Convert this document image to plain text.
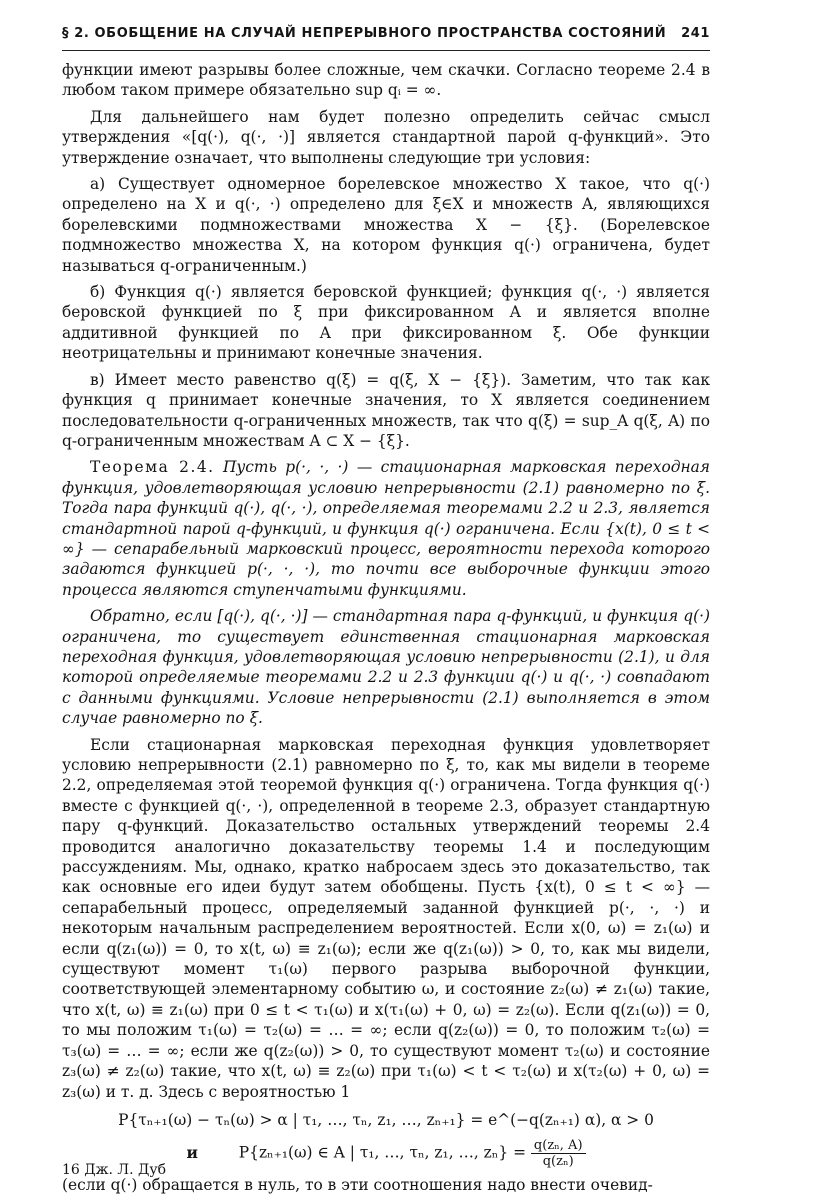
§ 2. ОБОБЩЕНИЕ НА СЛУЧАЙ НЕПРЕРЫВНОГО ПРОСТРАНСТВА СОСТОЯНИЙ 241

функции имеют разрывы более сложные, чем скачки. Согласно теореме 2.4 в любом таком примере обязательно sup qᵢ = ∞.

Для дальнейшего нам будет полезно определить сейчас смысл утверждения «[q(·), q(·, ·)] является стандартной парой q-функций». Это утверждение означает, что выполнены следующие три условия:

а) Существует одномерное борелевское множество X такое, что q(·) определено на X и q(·, ·) определено для ξ∈X и множеств A, являющихся борелевскими подмножествами множества X − {ξ}. (Борелевское подмножество множества X, на котором функция q(·) ограничена, будет называться q-ограниченным.)

б) Функция q(·) является беровской функцией; функция q(·, ·) является беровской функцией по ξ при фиксированном A и является вполне аддитивной функцией по A при фиксированном ξ. Обе функции неотрицательны и принимают конечные значения.

в) Имеет место равенство q(ξ) = q(ξ, X − {ξ}). Заметим, что так как функция q принимает конечные значения, то X является соединением последовательности q-ограниченных множеств, так что q(ξ) = sup_A q(ξ, A) по q-ограниченным множествам A ⊂ X − {ξ}.

Теорема 2.4. Пусть p(·, ·, ·) — стационарная марковская переходная функция, удовлетворяющая условию непрерывности (2.1) равномерно по ξ. Тогда пара функций q(·), q(·, ·), определяемая теоремами 2.2 и 2.3, является стандартной парой q-функций, и функция q(·) ограничена. Если {x(t), 0 ≤ t < ∞} — сепарабельный марковский процесс, вероятности перехода которого задаются функцией p(·, ·, ·), то почти все выборочные функции этого процесса являются ступенчатыми функциями.

Обратно, если [q(·), q(·, ·)] — стандартная пара q-функций, и функция q(·) ограничена, то существует единственная стационарная марковская переходная функция, удовлетворяющая условию непрерывности (2.1), и для которой определяемые теоремами 2.2 и 2.3 функции q(·) и q(·, ·) совпадают с данными функциями. Условие непрерывности (2.1) выполняется в этом случае равномерно по ξ.

Если стационарная марковская переходная функция удовлетворяет условию непрерывности (2.1) равномерно по ξ, то, как мы видели в теореме 2.2, определяемая этой теоремой функция q(·) ограничена. Тогда функция q(·) вместе с функцией q(·, ·), определенной в теореме 2.3, образует стандартную пару q-функций. Доказательство остальных утверждений теоремы 2.4 проводится аналогично доказательству теоремы 1.4 и последующим рассуждениям. Мы, однако, кратко набросаем здесь это доказательство, так как основные его идеи будут затем обобщены. Пусть {x(t), 0 ≤ t < ∞} — сепарабельный процесс, определяемый заданной функцией p(·, ·, ·) и некоторым начальным распределением вероятностей. Если x(0, ω) = z₁(ω) и если q(z₁(ω)) = 0, то x(t, ω) ≡ z₁(ω); если же q(z₁(ω)) > 0, то, как мы видели, существуют момент τ₁(ω) первого разрыва выборочной функции, соответствующей элементарному событию ω, и состояние z₂(ω) ≠ z₁(ω) такие, что x(t, ω) ≡ z₁(ω) при 0 ≤ t < τ₁(ω) и x(τ₁(ω) + 0, ω) = z₂(ω). Если q(z₁(ω)) = 0, то мы положим τ₁(ω) = τ₂(ω) = … = ∞; если q(z₂(ω)) = 0, то положим τ₂(ω) = τ₃(ω) = … = ∞; если же q(z₂(ω)) > 0, то существуют момент τ₂(ω) и состояние z₃(ω) ≠ z₂(ω) такие, что x(t, ω) ≡ z₂(ω) при τ₁(ω) < t < τ₂(ω) и x(τ₂(ω) + 0, ω) = z₃(ω) и т. д. Здесь с вероятностью 1

P{τₙ₊₁(ω) − τₙ(ω) > α | τ₁, …, τₙ, z₁, …, zₙ₊₁} = e^(−q(zₙ₊₁) α), α > 0
и	P{zₙ₊₁(ω) ∈ A | τ₁, …, τₙ, z₁, …, $z_n\} = \frac{\text{q(zₙ, A)}}{\text{q(zₙ)}}$

(если q(·) обращается в нуль, то в эти соотношения надо внести очевид-

16 Дж. Л. Дуб
